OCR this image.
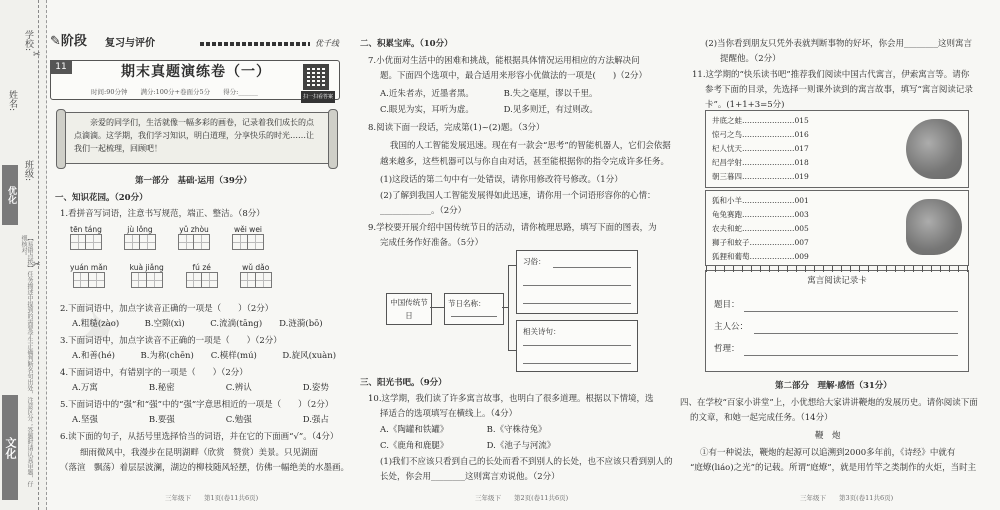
学校:
姓名:
班级:
优化
【易错点拨】任务描述中提到的需要学生正确判断名句出处，注意区分；答题时请认真审题，仔细核对。
文化
✂
✂
✎阶段 复习与评价	优千线
11	期末真题演练卷（一）
时间:90分钟　　满分:100分+卷面分5分　　得分:______
扫一扫看答案

亲爱的同学们，生活就像一幅多彩的画卷，记录着我们成长的点点滴滴。这学期，我们学习知识，明白道理，分享快乐的时光……让我们一起梳理，回顾吧！

第一部分　基础·运用（39分）
一、知识花园。（20分）
1.看拼音写词语，注意书写规范，端正、整洁。（8分）
tēn táng	jù lǒng	yǔ zhòu	wěi wei
yuán mǎn	kuà jiǎng	fú zé	wǔ dǎo
2.下面词语中，加点字读音正确的一项是（　　）（2分）
A.粗糙(zào)　　　B.空隙(xì)　　　C.流淌(tāng)　　D.涟漪(bō)
3.下面词语中，加点字读音不正确的一项是（　　）（2分）
A.和善(hé)　　　B.为称(chēn)　　C.模样(mú)　　　D.旋风(xuàn)
4.下面词语中，有错别字的一项是（　　）（2分）
A.万寓　　　　　　B.秘密　　　　　　C.辨认　　　　　　D.姿势
5.下面词语中的“强”和“强”中的“强”字意思相近的一项是（　　）（2分）
A.坚强　　　　　　B.要强　　　　　　C.勉强　　　　　　D.强占
6.读下面的句子，从括号里选择恰当的词语，并在它的下面画“√”。（4分）
细雨微风中，我漫步在昆明湖畔（欣赏　赞赏）美景。只见湖面
（落渲　飘荡）着层层波澜，湖边的柳枝随风轻摆，仿佛一幅绝美的水墨画。
三年级下　　第1页(卷11共6页)
✦
二、积累宝库。（10分）
7.小优面对生活中的困难和挑战，能根据具体情况运用相应的方法解决问
题。下面四个选项中，最合适用来形容小优做法的一项是(　　)（2分）
A.近朱者赤，近墨者黑。　　　　B.失之毫厘，谬以千里。
C.眼见为实，耳听为虚。　　　　D.见多则迁，有过则改。
8.阅读下面一段话，完成第(1)~(2)题。（3分）
我国的人工智能发展迅速。现在有一款会“思考”的智能机器人，它们会依据
越来越多，这些机器可以与你自由对话，甚至能根据你的指令完成许多任务。
(1)这段话的第二句中有一处错误，请你用修改符号修改。（1分）
(2)了解到我国人工智能发展得如此迅速，请你用一个词语形容你的心情：
____________。（2分）
9.学校要开展介绍中国传统节日的活动，请你梳理思路，填写下面的图表，为
完成任务作好准备。（5分）
中国传统节日
节日名称：
习俗：
相关诗句：
三、阳光书吧。（9分）
10.这学期，我们读了许多寓言故事，也明白了很多道理。根据以下情境，选
择适合的选项填写在横线上。（4分）
A.《陶罐和铁罐》　　　　　B.《守株待兔》
C.《鹿角和鹿腿》　　　　　D.《池子与河流》
(1)我们不应该只看到自己的长处而看不到别人的长处，也不应该只看到别人的
长处，你会用________这则寓言劝说他。（2分）
三年级下　　第2页(卷11共6页)
(2)当你看到朋友只凭外表就判断事物的好坏，你会用________这则寓言
提醒他。（2分）
11.这学期的“快乐读书吧”推荐我们阅读中国古代寓言，伊索寓言等。请你
参考下面的目录，先选择一则课外读到的寓言故事，填写“寓言阅读记录
卡”。(1+1+3=5分)
井底之蛙…………………015
惊弓之鸟…………………016
杞人忧天…………………017
纪昌学射…………………018
朝三暮四…………………019
狐和小羊…………………001
龟兔赛跑…………………003
农夫和蛇…………………005
狮子和蚊子………………007
狐狸和葡萄………………009
寓言阅读记录卡
题目：
主人公：
哲理：
第二部分　理解·感悟（31分）
四、在学校“百家小讲堂”上，小优想给大家讲讲鞭炮的发展历史。请你阅读下面
的文章，和她一起完成任务。（14分）
鞭　炮
①有一种说法，鞭炮的起源可以追溯到2000多年前，《诗经》中就有
“庭燎(liáo)之光”的记载。所谓“庭燎”，就是用竹竿之类制作的火炬，当时主
三年级下　　第3页(卷11共6页)
